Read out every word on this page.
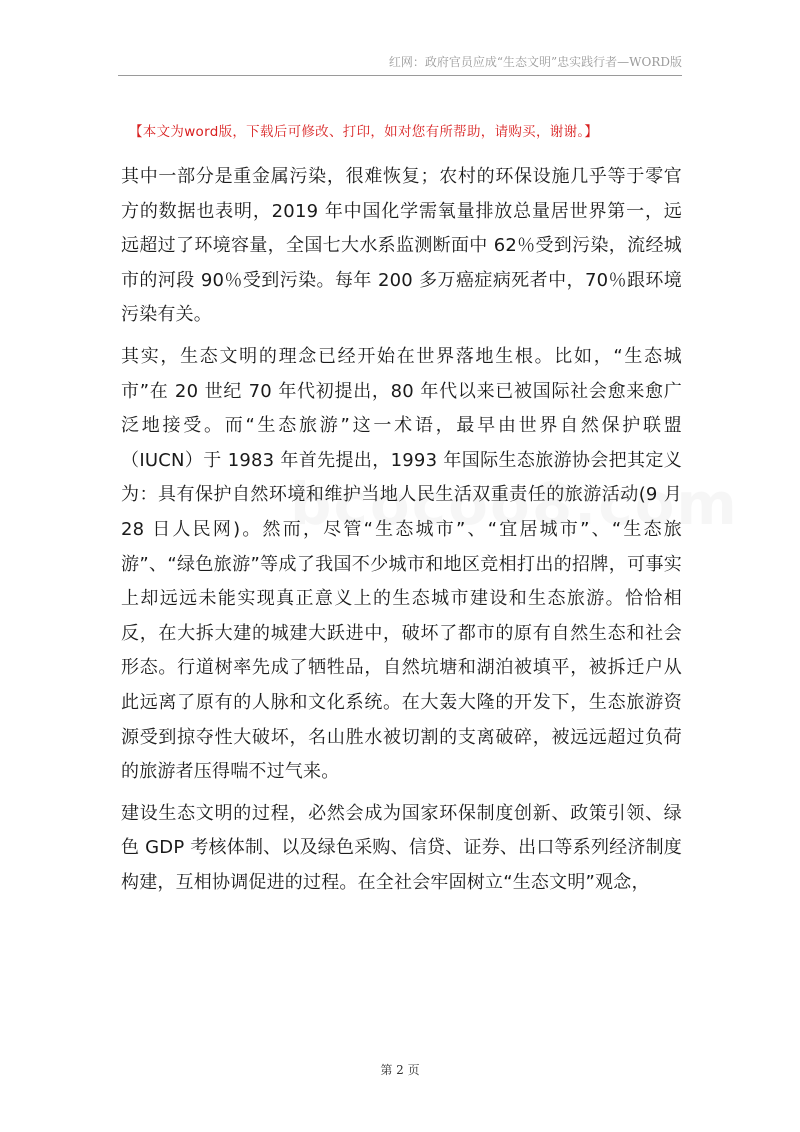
红网：政府官员应成“生态文明”忠实践行者—WORD版
【本文为word版，下载后可修改、打印，如对您有所帮助，请购买，谢谢。】

其中一部分是重金属污染，很难恢复；农村的环保设施几乎等于零官方的数据也表明，2019 年中国化学需氧量排放总量居世界第一，远远超过了环境容量，全国七大水系监测断面中 62％受到污染，流经城市的河段 90％受到污染。每年 200 多万癌症病死者中，70％跟环境污染有关。

其实，生态文明的理念已经开始在世界落地生根。比如，“生态城市”在 20 世纪 70 年代初提出，80 年代以来已被国际社会愈来愈广泛地接受。而“生态旅游”这一术语，最早由世界自然保护联盟（IUCN）于 1983 年首先提出，1993 年国际生态旅游协会把其定义为：具有保护自然环境和维护当地人民生活双重责任的旅游活动(9 月 28 日人民网)。然而，尽管“生态城市”、“宜居城市”、“生态旅游”、“绿色旅游”等成了我国不少城市和地区竞相打出的招牌，可事实上却远远未能实现真正意义上的生态城市建设和生态旅游。恰恰相反，在大拆大建的城建大跃进中，破坏了都市的原有自然生态和社会形态。行道树率先成了牺牲品，自然坑塘和湖泊被填平，被拆迁户从此远离了原有的人脉和文化系统。在大轰大隆的开发下，生态旅游资源受到掠夺性大破坏，名山胜水被切割的支离破碎，被远远超过负荷的旅游者压得喘不过气来。

建设生态文明的过程，必然会成为国家环保制度创新、政策引领、绿色 GDP 考核体制、以及绿色采购、信贷、证券、出口等系列经济制度构建，互相协调促进的过程。在全社会牢固树立“生态文明”观念，

第 2 页
